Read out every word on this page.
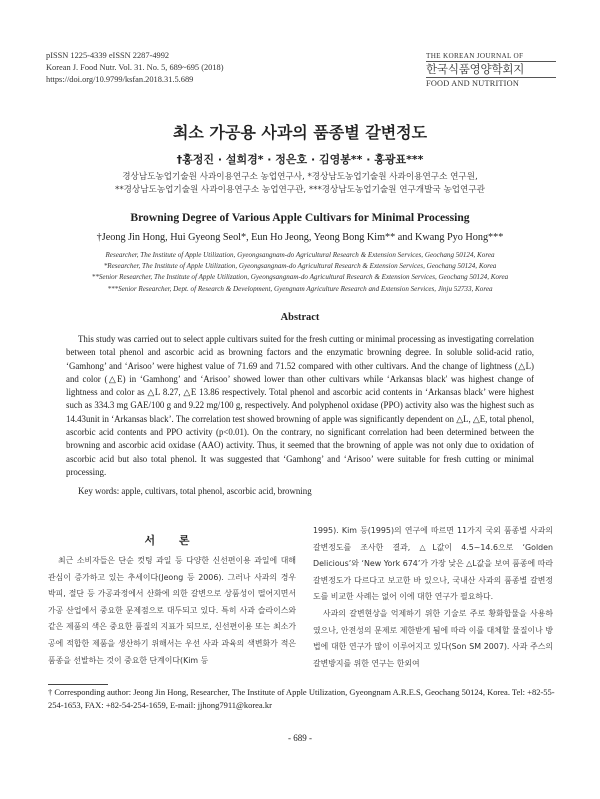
pISSN 1225-4339 eISSN 2287-4992
Korean J. Food Nutr. Vol. 31. No. 5, 689~695 (2018)
https://doi.org/10.9799/ksfan.2018.31.5.689
THE KOREAN JOURNAL OF
한국식품영양학회지
FOOD AND NUTRITION
최소 가공용 사과의 품종별 갈변정도
†홍정진 · 설희경* · 정은호 · 김영봉** · 홍광표***
경상남도농업기술원 사과이용연구소 농업연구사, *경상남도농업기술원 사과이용연구소 연구원,
**경상남도농업기술원 사과이용연구소 농업연구관, ***경상남도농업기술원 연구개발국 농업연구관
Browning Degree of Various Apple Cultivars for Minimal Processing
†Jeong Jin Hong, Hui Gyeong Seol*, Eun Ho Jeong, Yeong Bong Kim** and Kwang Pyo Hong***
Researcher, The Institute of Apple Utilization, Gyeongsangnam-do Agricultural Research & Extension Services, Geochang 50124, Korea
*Researcher, The Institute of Apple Utilization, Gyeongsangnam-do Agricultural Research & Extension Services, Geochang 50124, Korea
**Senior Researcher, The Institute of Apple Utilization, Gyeongsangnam-do Agricultural Research & Extension Services, Geochang 50124, Korea
***Senior Researcher, Dept. of Research & Development, Gyengnam Agriculture Research and Extension Services, Jinju 52733, Korea
Abstract
This study was carried out to select apple cultivars suited for the fresh cutting or minimal processing as investigating correlation between total phenol and ascorbic acid as browning factors and the enzymatic browning degree. In soluble solid-acid ratio, ‘Gamhong’ and ‘Arisoo’ were highest value of 71.69 and 71.52 compared with other cultivars. And the change of lightness (△L) and color (△E) in ‘Gamhong’ and ‘Arisoo’ showed lower than other cultivars while ‘Arkansas black' was highest change of lightness and color as △L 8.27, △E 13.86 respectively. Total phenol and ascorbic acid contents in ‘Arkansas black’ were highest such as 334.3 mg GAE/100 g and 9.22 mg/100 g, respectively. And polyphenol oxidase (PPO) activity also was the highest such as 14.43unit in ‘Arkansas black’. The correlation test showed browning of apple was significantly dependent on △L, △E, total phenol, ascorbic acid contents and PPO activity (p<0.01). On the contrary, no significant correlation had been determined between the browning and ascorbic acid oxidase (AAO) activity. Thus, it seemed that the browning of apple was not only due to oxidation of ascorbic acid but also total phenol. It was suggested that ‘Gamhong’ and ‘Arisoo’ were suitable for fresh cutting or minimal processing.
Key words: apple, cultivars, total phenol, ascorbic acid, browning
서 론
최근 소비자들은 단순 컷팅 과일 등 다양한 신선편이용 과일에 대해 관심이 증가하고 있는 추세이다(Jeong 등 2006). 그러나 사과의 경우 박피, 절단 등 가공과정에서 산화에 의한 갈변으로 상품성이 떨어지면서 가공 산업에서 중요한 문제점으로 대두되고 있다. 특히 사과 슬라이스와 같은 제품의 색은 중요한 품질의 지표가 되므로, 신선편이용 또는 최소가공에 적합한 제품을 생산하기 위해서는 우선 사과 과육의 색변화가 적은 품종을 선발하는 것이 중요한 단계이다(Kim 등

1995). Kim 등(1995)의 연구에 따르면 11가지 국외 품종별 사과의 갈변정도를 조사한 결과, △L값이 4.5~14.6으로 ‘Golden Delicious’와 ‘New York 674’가 가장 낮은 △L값을 보여 품종에 따라 갈변정도가 다르다고 보고한 바 있으나, 국내산 사과의 품종별 갈변정도를 비교한 사례는 없어 이에 대한 연구가 필요하다.

사과의 갈변현상을 억제하기 위한 기술로 주로 황화합물을 사용하였으나, 안전성의 문제로 제한받게 됨에 따라 이를 대체할 물질이나 방법에 대한 연구가 많이 이루어지고 있다(Son SM 2007). 사과 주스의 갈변방지를 위한 연구는 한외여

† Corresponding author: Jeong Jin Hong, Researcher, The Institute of Apple Utilization, Gyeongnam A.R.E.S, Geochang 50124, Korea. Tel: +82-55-254-1653, FAX: +82-54-254-1659, E-mail: jjhong7911@korea.kr
- 689 -
